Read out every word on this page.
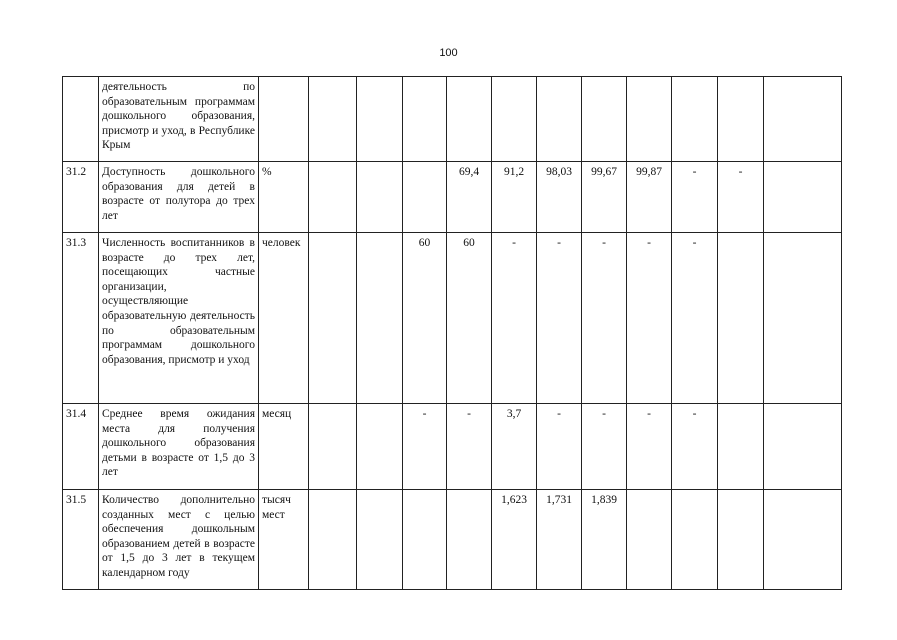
100

	деятельность по образовательным программам дошкольного образования, присмотр и уход, в Республике Крым												

31.2	Доступность дошкольного образования для детей в возрасте от полутора до трех лет	%				69,4	91,2	98,03	99,67	99,87	-	-	
31.3	Численность воспитанников в возрасте до трех лет, посещающих частные организации, осуществляющие образовательную деятельность по образовательным программам дошкольного образования, присмотр и уход	человек			60	60	-	-	-	-	-		
31.4	Среднее время ожидания места для получения дошкольного образования детьми в возрасте от 1,5 до 3 лет	месяц			-	-	3,7	-	-	-	-		
31.5	Количество дополнительно созданных мест с целью обеспечения дошкольным образованием детей в возрасте от 1,5 до 3 лет в текущем календарном году	тысяч мест					1,623	1,731	1,839				
